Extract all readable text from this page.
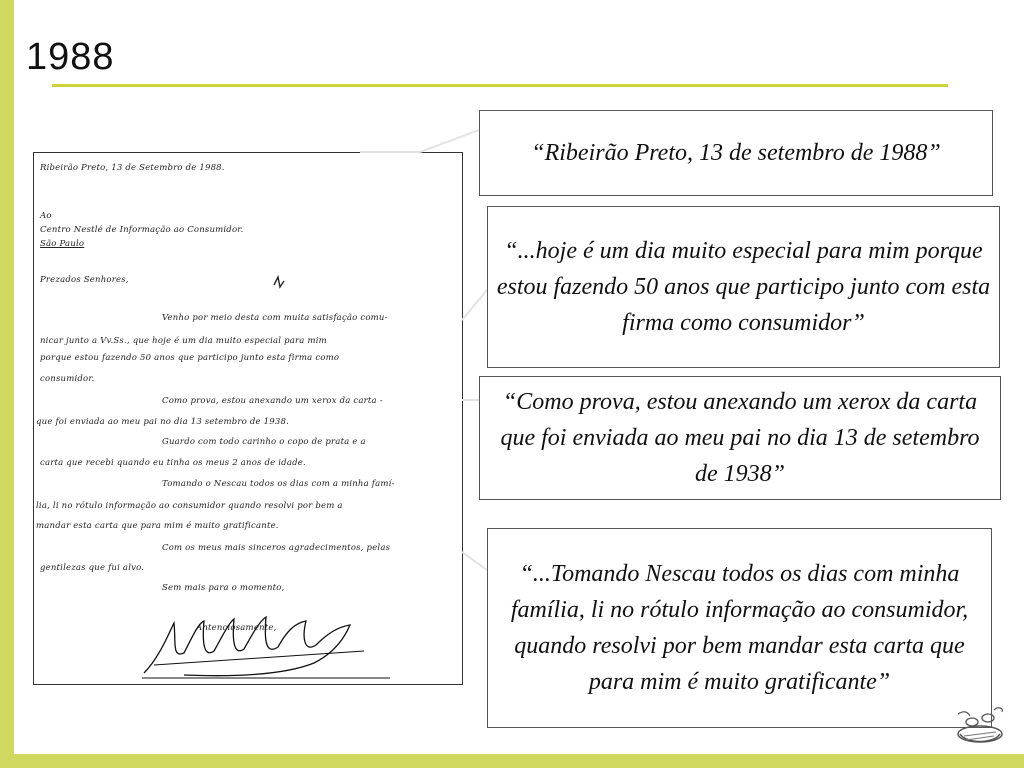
1988
Ribeirão Preto, 13 de Setembro de 1988.
Ao
Centro Nestlé de Informação ao Consumidor.
São Paulo
Prezados Senhores,
Venho por meio desta com muita satisfação comu-
nicar junto a Vv.Ss., que hoje é um dia muito especial para mim
porque estou fazendo 50 anos que participo junto esta firma como
consumidor.
Como prova, estou anexando um xerox da carta -
que foi enviada ao meu pai no dia 13 setembro de 1938.
Guardo com todo carinho o copo de prata e a
carta que recebi quando eu tinha os meus 2 anos de idade.
Tomando o Nescau todos os dias com a minha famí-
lia, li no rótulo informação ao consumidor quando resolvi por bem a
mandar esta carta que para mim é muito gratificante.
Com os meus mais sinceros agradecimentos, pelas
gentilezas que fui alvo.
Sem mais para o momento,
Antenciosamente,
“Ribeirão Preto, 13 de setembro de 1988”
“...hoje é um dia muito especial para mim porque estou fazendo 50 anos que participo junto com esta firma como consumidor”
“Como prova, estou anexando um xerox da carta que foi enviada ao meu pai no dia 13 de setembro de 1938”
“...Tomando Nescau todos os dias com minha família, li no rótulo informação ao consumidor, quando resolvi por bem mandar esta carta que para mim é muito gratificante”
